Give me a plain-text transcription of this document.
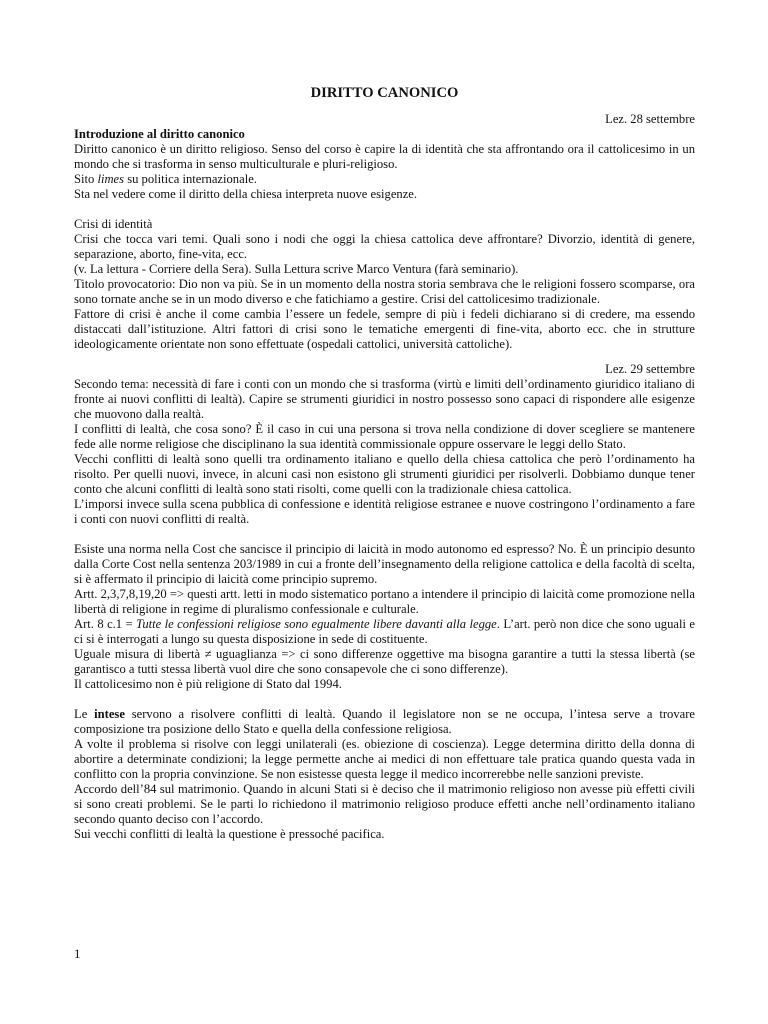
DIRITTO CANONICO
Lez. 28 settembre
Introduzione al diritto canonico
Diritto canonico è un diritto religioso. Senso del corso è capire la di identità che sta affrontando ora il cattolicesimo in un mondo che si trasforma in senso multiculturale e pluri-religioso.
Sito limes su politica internazionale.
Sta nel vedere come il diritto della chiesa interpreta nuove esigenze.
Crisi di identità
Crisi che tocca vari temi. Quali sono i nodi che oggi la chiesa cattolica deve affrontare? Divorzio, identità di genere, separazione, aborto, fine-vita, ecc.
(v. La lettura - Corriere della Sera). Sulla Lettura scrive Marco Ventura (farà seminario).
Titolo provocatorio: Dio non va più. Se in un momento della nostra storia sembrava che le religioni fossero scomparse, ora sono tornate anche se in un modo diverso e che fatichiamo a gestire. Crisi del cattolicesimo tradizionale.
Fattore di crisi è anche il come cambia l’essere un fedele, sempre di più i fedeli dichiarano si di credere, ma essendo distaccati dall’istituzione. Altri fattori di crisi sono le tematiche emergenti di fine-vita, aborto ecc. che in strutture ideologicamente orientate non sono effettuate (ospedali cattolici, università cattoliche).
Lez. 29 settembre
Secondo tema: necessità di fare i conti con un mondo che si trasforma (virtù e limiti dell’ordinamento giuridico italiano di fronte ai nuovi conflitti di lealtà). Capire se strumenti giuridici in nostro possesso sono capaci di rispondere alle esigenze che muovono dalla realtà.
I conflitti di lealtà, che cosa sono? È il caso in cui una persona si trova nella condizione di dover scegliere se mantenere fede alle norme religiose che disciplinano la sua identità commissionale oppure osservare le leggi dello Stato.
Vecchi conflitti di lealtà sono quelli tra ordinamento italiano e quello della chiesa cattolica che però l’ordinamento ha risolto. Per quelli nuovi, invece, in alcuni casi non esistono gli strumenti giuridici per risolverli. Dobbiamo dunque tener conto che alcuni conflitti di lealtà sono stati risolti, come quelli con la tradizionale chiesa cattolica.
L’imporsi invece sulla scena pubblica di confessione e identità religiose estranee e nuove costringono l’ordinamento a fare i conti con nuovi conflitti di realtà.
Esiste una norma nella Cost che sancisce il principio di laicità in modo autonomo ed espresso? No. È un principio desunto dalla Corte Cost nella sentenza 203/1989 in cui a fronte dell’insegnamento della religione cattolica e della facoltà di scelta, si è affermato il principio di laicità come principio supremo.
Artt. 2,3,7,8,19,20 => questi artt. letti in modo sistematico portano a intendere il principio di laicità come promozione nella libertà di religione in regime di pluralismo confessionale e culturale.
Art. 8 c.1 = Tutte le confessioni religiose sono egualmente libere davanti alla legge. L’art. però non dice che sono uguali e ci si è interrogati a lungo su questa disposizione in sede di costituente.
Uguale misura di libertà ≠ uguaglianza => ci sono differenze oggettive ma bisogna garantire a tutti la stessa libertà (se garantisco a tutti stessa libertà vuol dire che sono consapevole che ci sono differenze).
Il cattolicesimo non è più religione di Stato dal 1994.
Le intese servono a risolvere conflitti di lealtà. Quando il legislatore non se ne occupa, l’intesa serve a trovare composizione tra posizione dello Stato e quella della confessione religiosa.
A volte il problema si risolve con leggi unilaterali (es. obiezione di coscienza). Legge determina diritto della donna di abortire a determinate condizioni; la legge permette anche ai medici di non effettuare tale pratica quando questa vada in conflitto con la propria convinzione. Se non esistesse questa legge il medico incorrerebbe nelle sanzioni previste.
Accordo dell’84 sul matrimonio. Quando in alcuni Stati si è deciso che il matrimonio religioso non avesse più effetti civili si sono creati problemi. Se le parti lo richiedono il matrimonio religioso produce effetti anche nell’ordinamento italiano secondo quanto deciso con l’accordo.
Sui vecchi conflitti di lealtà la questione è pressoché pacifica.
1
